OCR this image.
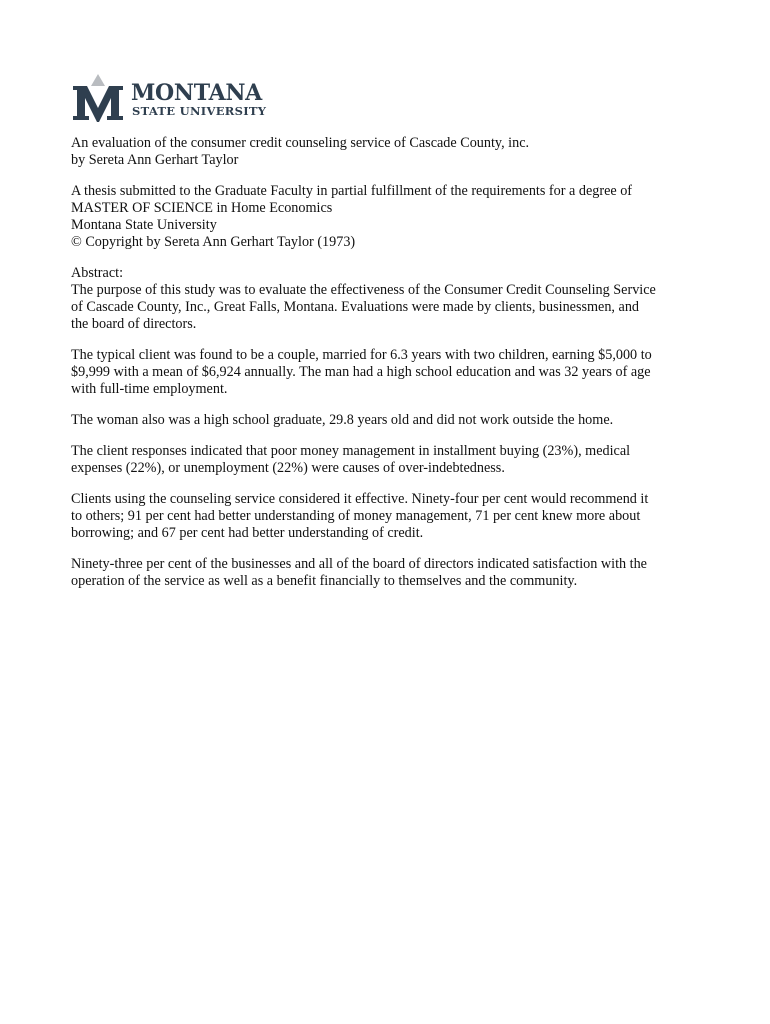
MONTANA
STATE UNIVERSITY
An evaluation of the consumer credit counseling service of Cascade County, inc.
by Sereta Ann Gerhart Taylor
A thesis submitted to the Graduate Faculty in partial fulfillment of the requirements for a degree of
MASTER OF SCIENCE in Home Economics
Montana State University
© Copyright by Sereta Ann Gerhart Taylor (1973)
Abstract:
The purpose of this study was to evaluate the effectiveness of the Consumer Credit Counseling Service
of Cascade County, Inc., Great Falls, Montana. Evaluations were made by clients, businessmen, and
the board of directors.
The typical client was found to be a couple, married for 6.3 years with two children, earning $5,000 to
$9,999 with a mean of $6,924 annually. The man had a high school education and was 32 years of age
with full-time employment.
The woman also was a high school graduate, 29.8 years old and did not work outside the home.
The client responses indicated that poor money management in installment buying (23%), medical
expenses (22%), or unemployment (22%) were causes of over-indebtedness.
Clients using the counseling service considered it effective. Ninety-four per cent would recommend it
to others; 91 per cent had better understanding of money management, 71 per cent knew more about
borrowing; and 67 per cent had better understanding of credit.
Ninety-three per cent of the businesses and all of the board of directors indicated satisfaction with the
operation of the service as well as a benefit financially to themselves and the community.
